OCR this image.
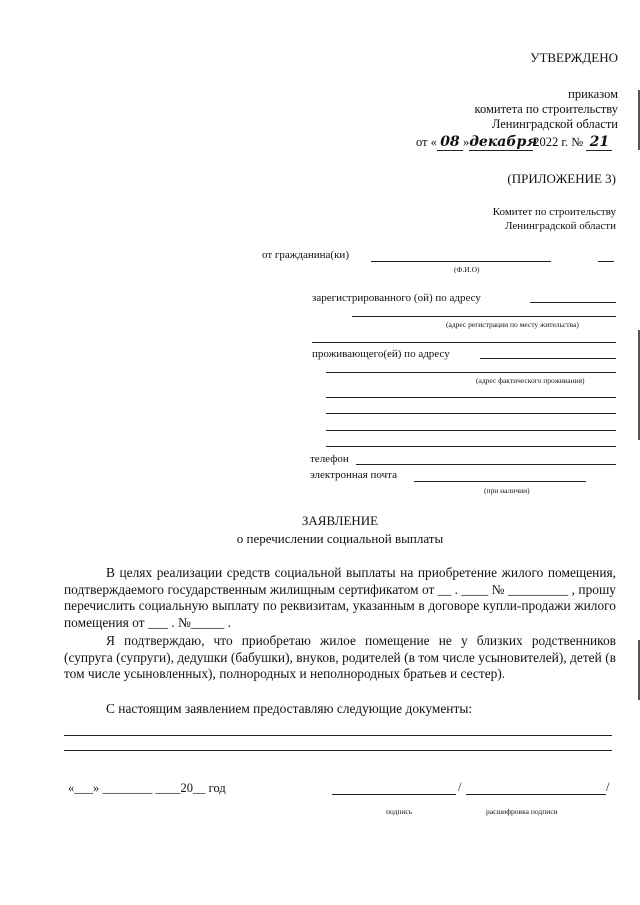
УТВЕРЖДЕНО
приказом
комитета по строительству
Ленинградской области
от « 08 »декабря2022 г. № 21
(ПРИЛОЖЕНИЕ 3)
Комитет по строительству
Ленинградской области
от гражданина(ки)
(Ф.И.О)
зарегистрированного (ой) по адресу
(адрес регистрации по месту жительства)
проживающего(ей) по адресу
(адрес фактического проживания)
телефон
электронная почта
(при наличии)
ЗАЯВЛЕНИЕ
о перечислении социальной выплаты
В целях реализации средств социальной выплаты на приобретение жилого помещения, подтверждаемого государственным жилищным сертификатом от __ . ____ № _________ , прошу перечислить социальную выплату по реквизитам, указанным в договоре купли-продажи жилого помещения от ___ . №_____ .
Я подтверждаю, что приобретаю жилое помещение не у близких родственников (супруга (супруги), дедушки (бабушки), внуков, родителей (в том числе усыновителей), детей (в том числе усыновленных), полнородных и неполнородных братьев и сестер).
С настоящим заявлением предоставляю следующие документы:
«___» ________ ____20__ год	/	/
подпись	расшифровка подписи
